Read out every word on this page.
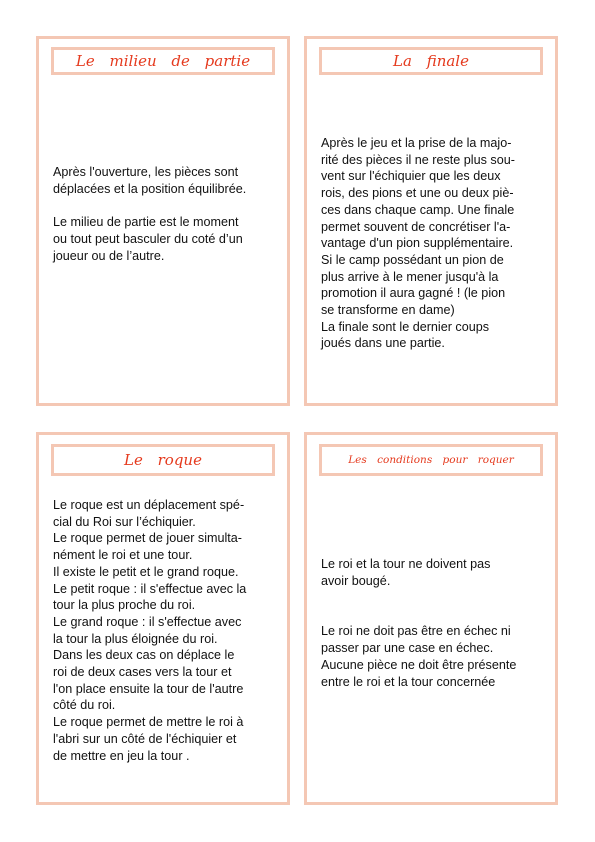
Le milieu de partie

Après l'ouverture, les pièces sont
déplacées et la position équilibrée.

Le milieu de partie est le moment
ou tout peut basculer du coté d’un
joueur ou de l’autre.

La finale

Après le jeu et la prise de la majo-
rité des pièces il ne reste plus sou-
vent sur l'échiquier que les deux
rois, des pions et une ou deux piè-
ces dans chaque camp. Une finale
permet souvent de concrétiser l'a-
vantage d'un pion supplémentaire.
Si le camp possédant un pion de
plus arrive à le mener jusqu'à la
promotion il aura gagné ! (le pion
se transforme en dame)
La finale sont le dernier coups
joués dans une partie.

Le roque

Le roque est un déplacement spé-
cial du Roi sur l’échiquier.
Le roque permet de jouer simulta-
nément le roi et une tour.
Il existe le petit et le grand roque.
Le petit roque : il s'effectue avec la
tour la plus proche du roi.
Le grand roque : il s'effectue avec
la tour la plus éloignée du roi.
Dans les deux cas on déplace le
roi de deux cases vers la tour et
l'on place ensuite la tour de l'autre
côté du roi.
Le roque permet de mettre le roi à
l'abri sur un côté de l'échiquier et
de mettre en jeu la tour .

Les conditions pour roquer

Le roi et la tour ne doivent pas
avoir bougé.

Le roi ne doit pas être en échec ni
passer par une case en échec.
Aucune pièce ne doit être présente
entre le roi et la tour concernée
